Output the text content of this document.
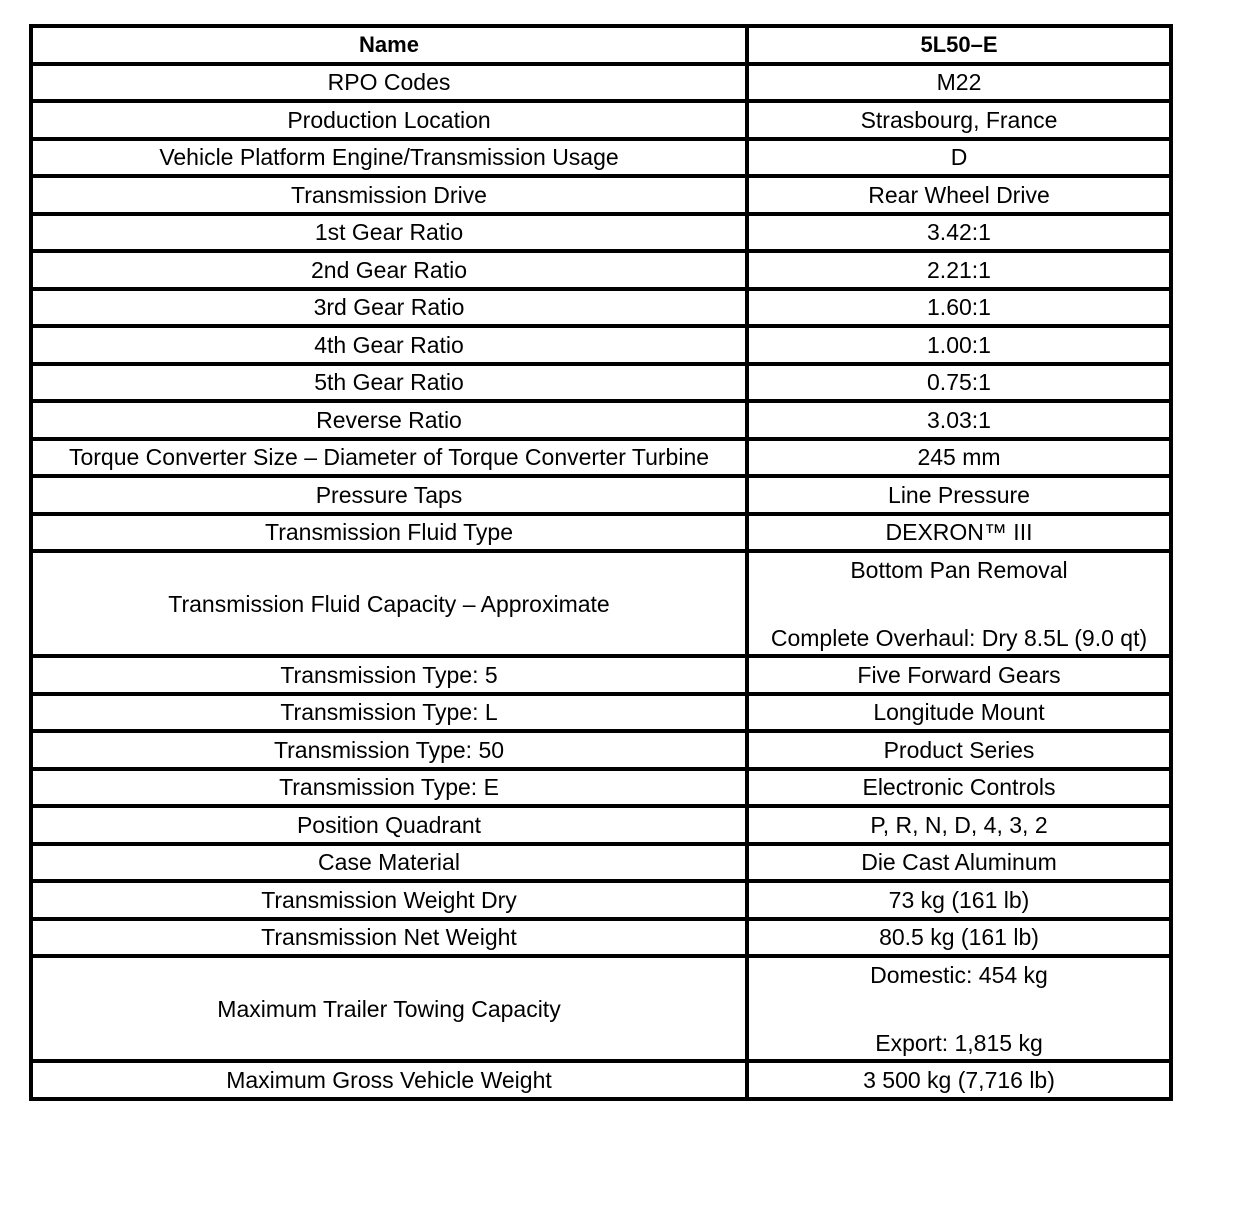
Name	5L50–E
RPO Codes	M22
Production Location	Strasbourg, France
Vehicle Platform Engine/Transmission Usage	D
Transmission Drive	Rear Wheel Drive
1st Gear Ratio	3.42:1
2nd Gear Ratio	2.21:1
3rd Gear Ratio	1.60:1
4th Gear Ratio	1.00:1
5th Gear Ratio	0.75:1
Reverse Ratio	3.03:1
Torque Converter Size – Diameter of Torque Converter Turbine	245 mm
Pressure Taps	Line Pressure
Transmission Fluid Type	DEXRON™ III
Transmission Fluid Capacity – Approximate	Bottom Pan Removal
Complete Overhaul: Dry 8.5L (9.0 qt)

Transmission Type: 5	Five Forward Gears
Transmission Type: L	Longitude Mount
Transmission Type: 50	Product Series
Transmission Type: E	Electronic Controls
Position Quadrant	P, R, N, D, 4, 3, 2
Case Material	Die Cast Aluminum
Transmission Weight Dry	73 kg (161 lb)
Transmission Net Weight	80.5 kg (161 lb)
Maximum Trailer Towing Capacity	Domestic: 454 kg
Export: 1,815 kg

Maximum Gross Vehicle Weight	3 500 kg (7,716 lb)
